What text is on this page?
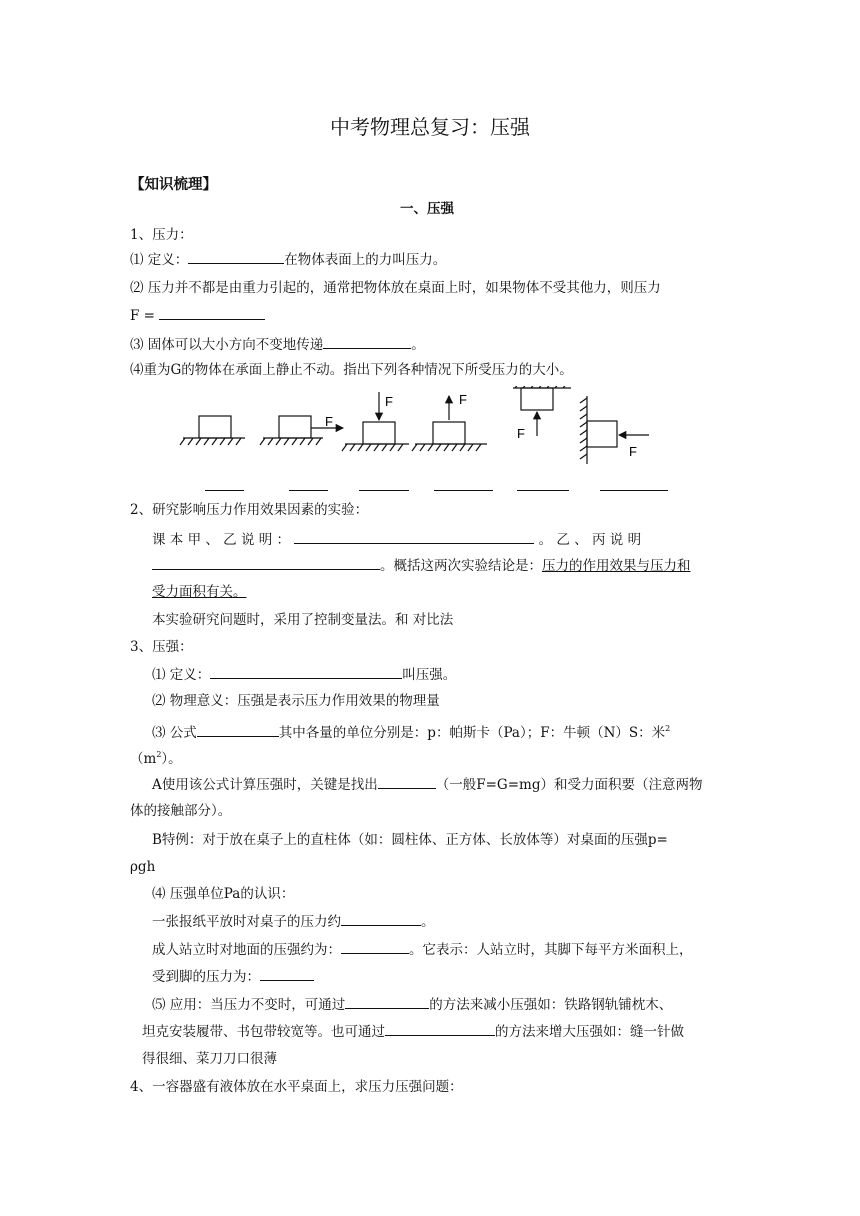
中考物理总复习：压强
【知识梳理】
一、压强
1、压力：
⑴ 定义：	在物体表面上的力叫压力。
⑵ 压力并不都是由重力引起的，通常把物体放在桌面上时，如果物体不受其他力，则压力
F =
⑶ 固体可以大小方向不变地传递	。
⑷重为G的物体在承面上静止不动。指出下列各种情况下所受压力的大小。
F
F	F
F
F
2、研究影响压力作用效果因素的实验：
课 本 甲 、 乙 说 明 ：	。 乙 、 丙 说 明
。概括这两次实验结论是：压力的作用效果与压力和
受力面积有关。
本实验研究问题时，采用了控制变量法。和 对比法
3、压强：
⑴ 定义：	叫压强。
⑵ 物理意义：压强是表示压力作用效果的物理量
⑶ 公式	其中各量的单位分别是：p：帕斯卡（Pa）；F：牛顿（N）S：米$^2$
$(m^2)$。
A使用该公式计算压强时，关键是找出	（一般F=G=mg）和受力面积要（注意两物
体的接触部分）。
B特例：对于放在桌子上的直柱体（如：圆柱体、正方体、长放体等）对桌面的压强p=
ρgh
⑷ 压强单位Pa的认识：
一张报纸平放时对桌子的压力约	。
成人站立时对地面的压强约为：	。它表示：人站立时，其脚下每平方米面积上，
受到脚的压力为：
⑸ 应用：当压力不变时，可通过	的方法来减小压强如：铁路钢轨铺枕木、
坦克安装履带、书包带较宽等。也可通过	的方法来增大压强如：缝一针做
得很细、菜刀刀口很薄
4、一容器盛有液体放在水平桌面上，求压力压强问题：
